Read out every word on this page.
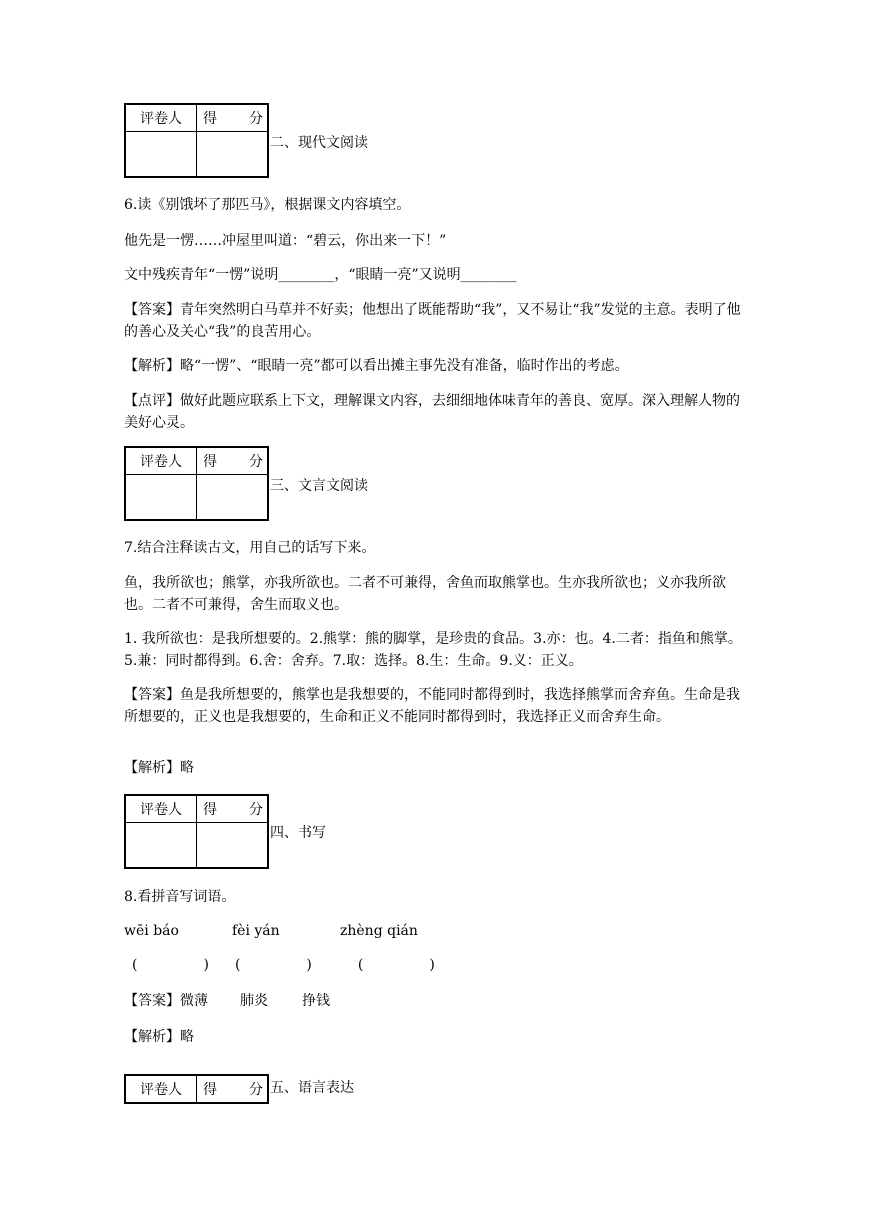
评卷人	得 分

二、现代文阅读

6.读《别饿坏了那匹马》，根据课文内容填空。

他先是一愣……冲屋里叫道：“碧云，你出来一下！”

文中残疾青年“一愣”说明________，“眼睛一亮”又说明________

【答案】青年突然明白马草并不好卖；他想出了既能帮助“我”，又不易让“我”发觉的主意。表明了他的善心及关心“我”的良苦用心。

【解析】略“一愣”、“眼睛一亮”都可以看出摊主事先没有准备，临时作出的考虑。

【点评】做好此题应联系上下文，理解课文内容，去细细地体味青年的善良、宽厚。深入理解人物的美好心灵。

评卷人	得 分

三、文言文阅读

7.结合注释读古文，用自己的话写下来。

鱼，我所欲也；熊掌，亦我所欲也。二者不可兼得，舍鱼而取熊掌也。生亦我所欲也；义亦我所欲也。二者不可兼得，舍生而取义也。

1. 我所欲也：是我所想要的。2.熊掌：熊的脚掌，是珍贵的食品。3.亦：也。4.二者：指鱼和熊掌。5.兼：同时都得到。6.舍：舍弃。7.取：选择。8.生：生命。9.义：正义。

【答案】鱼是我所想要的，熊掌也是我想要的，不能同时都得到时，我选择熊掌而舍弃鱼。生命是我所想要的，正义也是我想要的，生命和正义不能同时都得到时，我选择正义而舍弃生命。

【解析】略

评卷人	得 分

四、书写

8.看拼音写词语。

wēi báo	fèi yán	zhèng qián

(	) (	)	(	)

【答案】微薄 肺炎 挣钱

【解析】略

评卷人	得 分 五、语言表达
